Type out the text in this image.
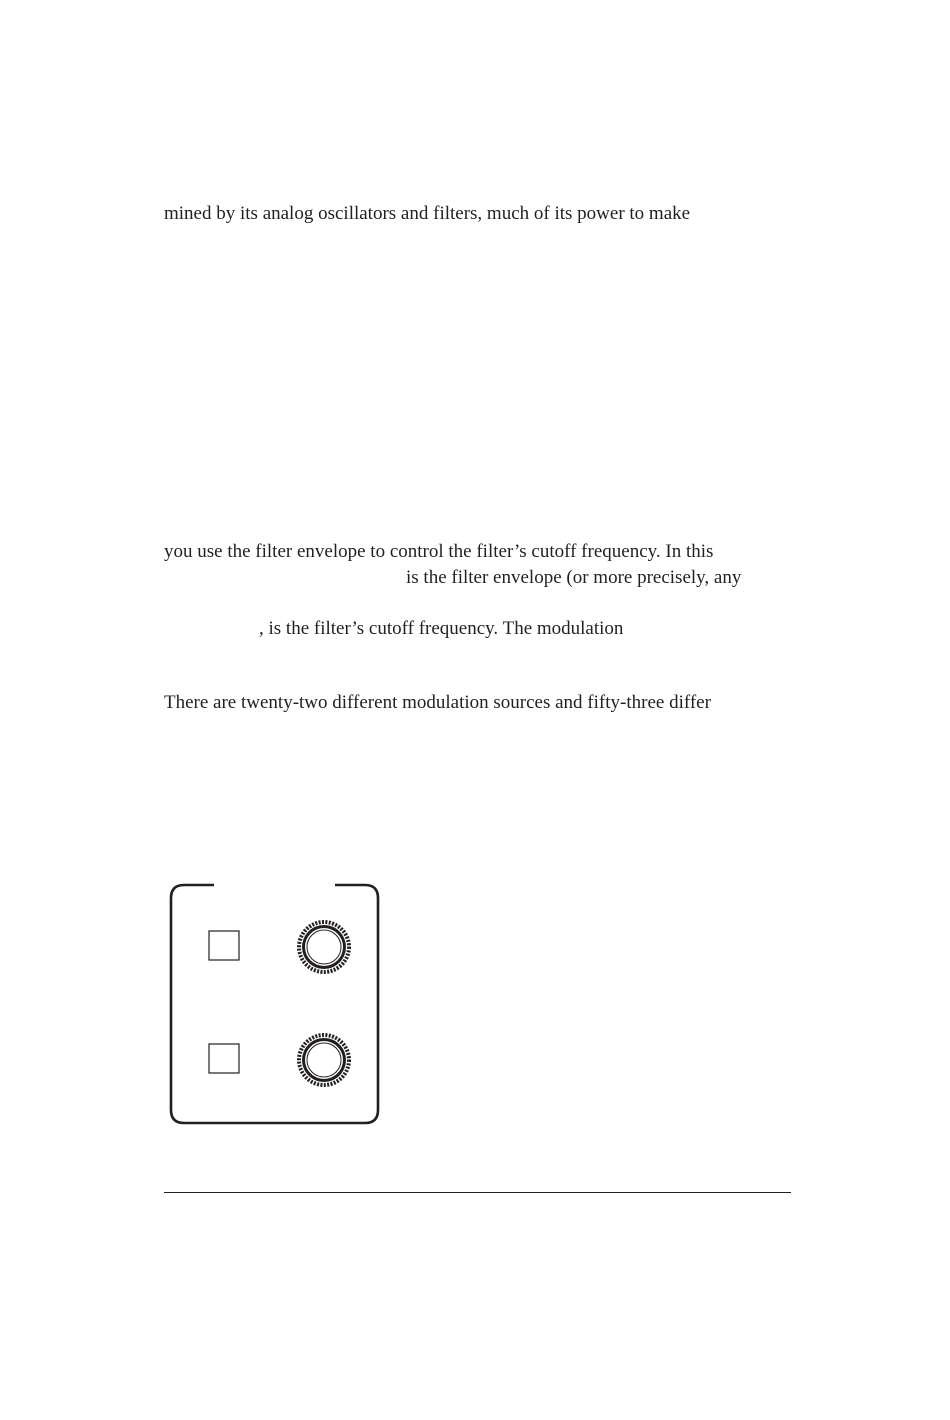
mined by its analog oscillators and filters, much of its power to make

you use the filter envelope to control the filter’s cutoff frequency. In this

is the filter envelope (or more precisely, any

, is the filter’s cutoff frequency. The modulation

There are twenty-two different modulation sources and fifty-three differ
